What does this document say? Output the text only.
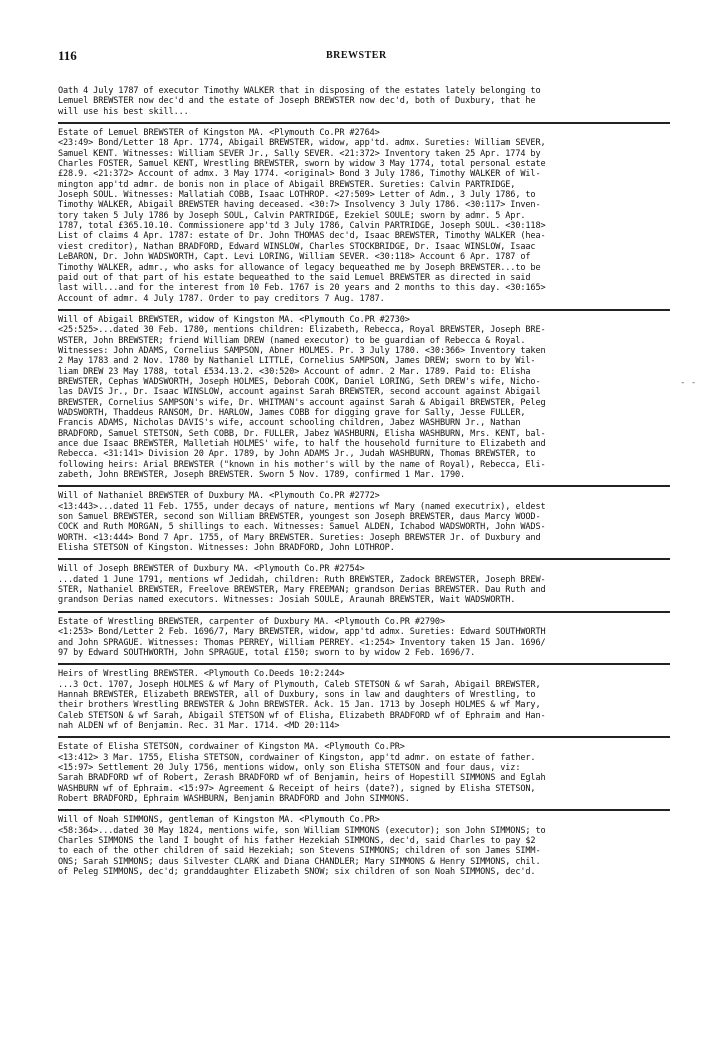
116	BREWSTER
- -
Oath 4 July 1787 of executor Timothy WALKER that in disposing of the estates lately belonging to
Lemuel BREWSTER now dec'd and the estate of Joseph BREWSTER now dec'd, both of Duxbury, that he
will use his best skill...
Estate of Lemuel BREWSTER of Kingston MA. <Plymouth Co.PR #2764>
<23:49> Bond/Letter 18 Apr. 1774, Abigail BREWSTER, widow, app'td. admx. Sureties: William SEVER,
Samuel KENT. Witnesses: William SEVER Jr., Sally SEVER. <21:372> Inventory taken 25 Apr. 1774 by
Charles FOSTER, Samuel KENT, Wrestling BREWSTER, sworn by widow 3 May 1774, total personal estate
£28.9. <21:372> Account of admx. 3 May 1774. <original> Bond 3 July 1786, Timothy WALKER of Wil-
mington app'td admr. de bonis non in place of Abigail BREWSTER. Sureties: Calvin PARTRIDGE,
Joseph SOUL. Witnesses: Mallatiah COBB, Isaac LOTHROP. <27:509> Letter of Adm., 3 July 1786, to
Timothy WALKER, Abigail BREWSTER having deceased. <30:7> Insolvency 3 July 1786. <30:117> Inven-
tory taken 5 July 1786 by Joseph SOUL, Calvin PARTRIDGE, Ezekiel SOULE; sworn by admr. 5 Apr.
1787, total £365.10.10. Commissionere app'td 3 July 1786, Calvin PARTRIDGE, Joseph SOUL. <30:118>
List of claims 4 Apr. 1787: estate of Dr. John THOMAS dec'd, Isaac BREWSTER, Timothy WALKER (hea-
viest creditor), Nathan BRADFORD, Edward WINSLOW, Charles STOCKBRIDGE, Dr. Isaac WINSLOW, Isaac
LeBARON, Dr. John WADSWORTH, Capt. Levi LORING, William SEVER. <30:118> Account 6 Apr. 1787 of
Timothy WALKER, admr., who asks for allowance of legacy bequeathed me by Joseph BREWSTER...to be
paid out of that part of his estate bequeathed to the said Lemuel BREWSTER as directed in said
last will...and for the interest from 10 Feb. 1767 is 20 years and 2 months to this day. <30:165>
Account of admr. 4 July 1787. Order to pay creditors 7 Aug. 1787.
Will of Abigail BREWSTER, widow of Kingston MA. <Plymouth Co.PR #2730>
<25:525>...dated 30 Feb. 1780, mentions children: Elizabeth, Rebecca, Royal BREWSTER, Joseph BRE-
WSTER, John BREWSTER; friend William DREW (named executor) to be guardian of Rebecca & Royal.
Witnesses: John ADAMS, Cornelius SAMPSON, Abner HOLMES. Pr. 3 July 1780. <30:366> Inventory taken
2 May 1783 and 2 Nov. 1780 by Nathaniel LITTLE, Cornelius SAMPSON, James DREW; sworn to by Wil-
liam DREW 23 May 1788, total £534.13.2. <30:520> Account of admr. 2 Mar. 1789. Paid to: Elisha
BREWSTER, Cephas WADSWORTH, Joseph HOLMES, Deborah COOK, Daniel LORING, Seth DREW's wife, Nicho-
las DAVIS Jr., Dr. Isaac WINSLOW, account against Sarah BREWSTER, second account against Abigail
BREWSTER, Cornelius SAMPSON's wife, Dr. WHITMAN's account against Sarah & Abigail BREWSTER, Peleg
WADSWORTH, Thaddeus RANSOM, Dr. HARLOW, James COBB for digging grave for Sally, Jesse FULLER,
Francis ADAMS, Nicholas DAVIS's wife, account schooling children, Jabez WASHBURN Jr., Nathan
BRADFORD, Samuel STETSON, Seth COBB, Dr. FULLER, Jabez WASHBURN, Elisha WASHBURN, Mrs. KENT, bal-
ance due Isaac BREWSTER, Malletiah HOLMES' wife, to half the household furniture to Elizabeth and
Rebecca. <31:141> Division 20 Apr. 1789, by John ADAMS Jr., Judah WASHBURN, Thomas BREWSTER, to
following heirs: Arial BREWSTER ("known in his mother's will by the name of Royal), Rebecca, Eli-
zabeth, John BREWSTER, Joseph BREWSTER. Sworn 5 Nov. 1789, confirmed 1 Mar. 1790.
Will of Nathaniel BREWSTER of Duxbury MA. <Plymouth Co.PR #2772>
<13:443>...dated 11 Feb. 1755, under decays of nature, mentions wf Mary (named executrix), eldest
son Samuel BREWSTER, second son William BREWSTER, youngest son Joseph BREWSTER, daus Marcy WOOD-
COCK and Ruth MORGAN, 5 shillings to each. Witnesses: Samuel ALDEN, Ichabod WADSWORTH, John WADS-
WORTH. <13:444> Bond 7 Apr. 1755, of Mary BREWSTER. Sureties: Joseph BREWSTER Jr. of Duxbury and
Elisha STETSON of Kingston. Witnesses: John BRADFORD, John LOTHROP.
Will of Joseph BREWSTER of Duxbury MA. <Plymouth Co.PR #2754>
...dated 1 June 1791, mentions wf Jedidah, children: Ruth BREWSTER, Zadock BREWSTER, Joseph BREW-
STER, Nathaniel BREWSTER, Freelove BREWSTER, Mary FREEMAN; grandson Derias BREWSTER. Dau Ruth and
grandson Derias named executors. Witnesses: Josiah SOULE, Araunah BREWSTER, Wait WADSWORTH.
Estate of Wrestling BREWSTER, carpenter of Duxbury MA. <Plymouth Co.PR #2790>
<1:253> Bond/Letter 2 Feb. 1696/7, Mary BREWSTER, widow, app'td admx. Sureties: Edward SOUTHWORTH
and John SPRAGUE. Witnesses: Thomas PERREY, William PERREY. <1:254> Inventory taken 15 Jan. 1696/
97 by Edward SOUTHWORTH, John SPRAGUE, total £150; sworn to by widow 2 Feb. 1696/7.
Heirs of Wrestling BREWSTER. <Plymouth Co.Deeds 10:2:244>
...3 Oct. 1707, Joseph HOLMES & wf Mary of Plymouth, Caleb STETSON & wf Sarah, Abigail BREWSTER,
Hannah BREWSTER, Elizabeth BREWSTER, all of Duxbury, sons in law and daughters of Wrestling, to
their brothers Wrestling BREWSTER & John BREWSTER. Ack. 15 Jan. 1713 by Joseph HOLMES & wf Mary,
Caleb STETSON & wf Sarah, Abigail STETSON wf of Elisha, Elizabeth BRADFORD wf of Ephraim and Han-
nah ALDEN wf of Benjamin. Rec. 31 Mar. 1714. <MD 20:114>
Estate of Elisha STETSON, cordwainer of Kingston MA. <Plymouth Co.PR>
<13:412> 3 Mar. 1755, Elisha STETSON, cordwainer of Kingston, app'td admr. on estate of father.
<15:97> Settlement 20 July 1756, mentions widow, only son Elisha STETSON and four daus, viz:
Sarah BRADFORD wf of Robert, Zerash BRADFORD wf of Benjamin, heirs of Hopestill SIMMONS and Eglah
WASHBURN wf of Ephraim. <15:97> Agreement & Receipt of heirs (date?), signed by Elisha STETSON,
Robert BRADFORD, Ephraim WASHBURN, Benjamin BRADFORD and John SIMMONS.
Will of Noah SIMMONS, gentleman of Kingston MA. <Plymouth Co.PR>
<58:364>...dated 30 May 1824, mentions wife, son William SIMMONS (executor); son John SIMMONS; to
Charles SIMMONS the land I bought of his father Hezekiah SIMMONS, dec'd, said Charles to pay $2
to each of the other children of said Hezekiah; son Stevens SIMMONS; children of son James SIMM-
ONS; Sarah SIMMONS; daus Silvester CLARK and Diana CHANDLER; Mary SIMMONS & Henry SIMMONS, chil.
of Peleg SIMMONS, dec'd; granddaughter Elizabeth SNOW; six children of son Noah SIMMONS, dec'd.
